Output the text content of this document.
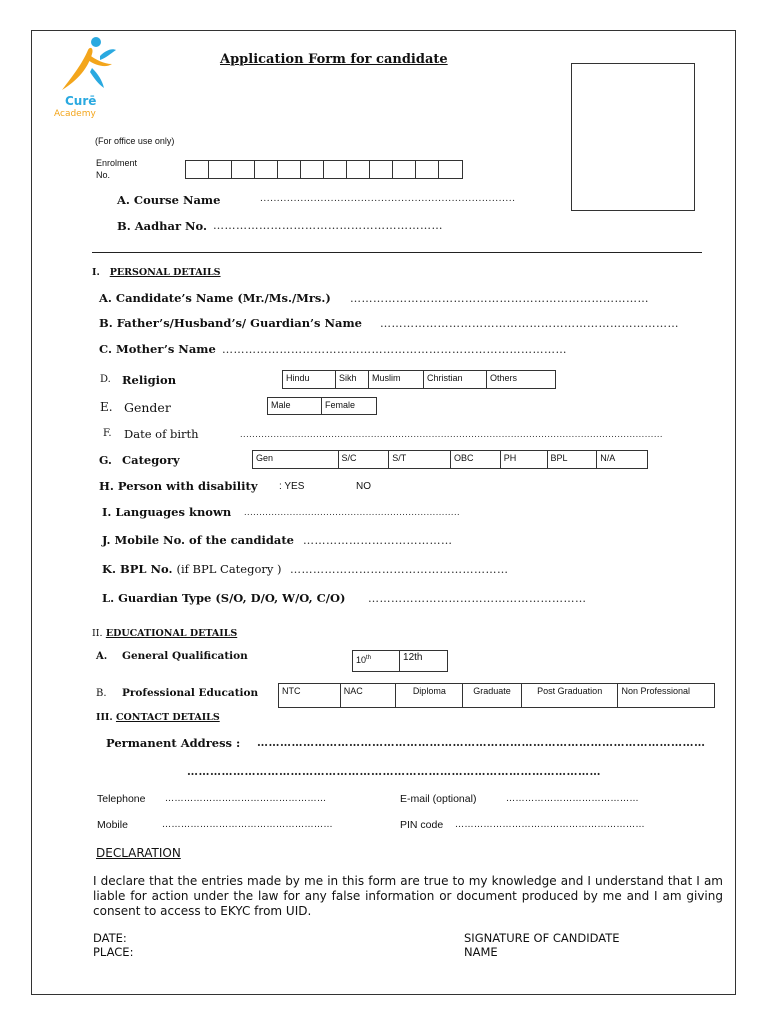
Curē
Academy
Application Form for candidate
(For office use only)
Enrolment
No.
A. Course Name	............................................................................
B. Aadhar No. ……………………………………………………
I. PERSONAL DETAILS
A. Candidate’s Name (Mr./Ms./Mrs.) ……………………………………………………………………
B. Father’s/Husband’s/ Guardian’s Name ……………………………………………………………………
C. Mother’s Name ………………………………………………………………………………
D. Religion	Hindu	Sikh	Muslim	Christian	Others
E. Gender	Male	Female
F. Date of birth	...........................................................................................................................................
G. Category	Gen	S/C	S/T	OBC	PH	BPL	N/A
H. Person with disability : YES	NO
I. Languages known .......................................................................
J. Mobile No. of the candidate …………………………………
K. BPL No. (if BPL Category ) …………………………………………………
L. Guardian Type (S/O, D/O, W/O, C/O) …………………………………………………
II. EDUCATIONAL DETAILS
A. General Qualification	10th	12th
B. Professional Education	NTC	NAC	Diploma	Graduate	Post Graduation	Non Professional
III. CONTACT DETAILS
Permanent Address : ………………………………………………………………………………………………………
………………………………………………………………………………………………
Telephone ……………………………………………	E-mail (optional)	……………………………………
Mobile	………………………………………………	PIN code ……………………………………………………
DECLARATION
I declare that the entries made by me in this form are true to my knowledge and I understand that I am liable for action under the law for any false information or document produced by me and I am giving consent to access to EKYC from UID.
DATE:
PLACE:
SIGNATURE OF CANDIDATE
NAME
